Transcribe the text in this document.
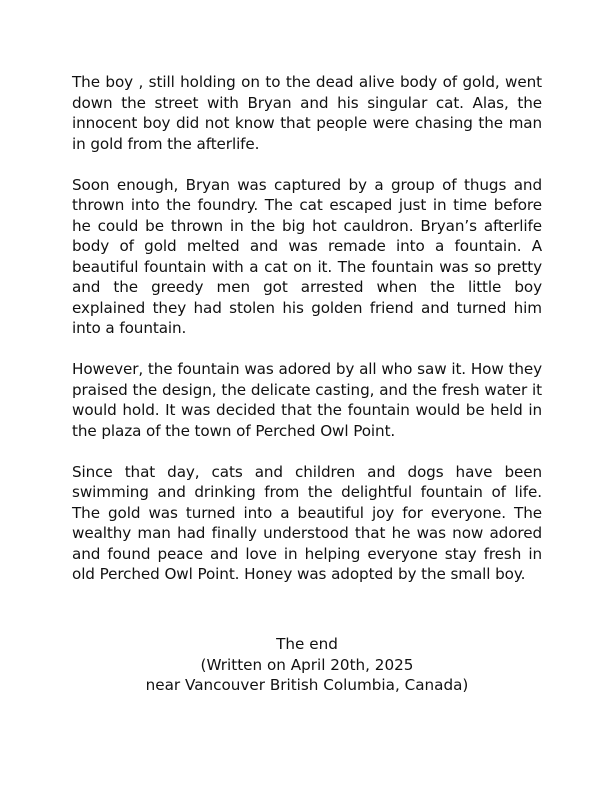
The boy , still holding on to the dead alive body of gold, went down the street with Bryan and his singular cat. Alas, the innocent boy did not know that people were chasing the man in gold from the afterlife.

Soon enough, Bryan was captured by a group of thugs and thrown into the foundry. The cat escaped just in time before he could be thrown in the big hot cauldron. Bryan’s afterlife body of gold melted and was remade into a fountain. A beautiful fountain with a cat on it. The fountain was so pretty and the greedy men got arrested when the little boy explained they had stolen his golden friend and turned him into a fountain.

However, the fountain was adored by all who saw it. How they praised the design, the delicate casting, and the fresh water it would hold. It was decided that the fountain would be held in the plaza of the town of Perched Owl Point.

Since that day, cats and children and dogs have been swimming and drinking from the delightful fountain of life. The gold was turned into a beautiful joy for everyone. The wealthy man had finally understood that he was now adored and found peace and love in helping everyone stay fresh in old Perched Owl Point. Honey was adopted by the small boy.

The end
(Written on April 20th, 2025
near Vancouver British Columbia, Canada)
